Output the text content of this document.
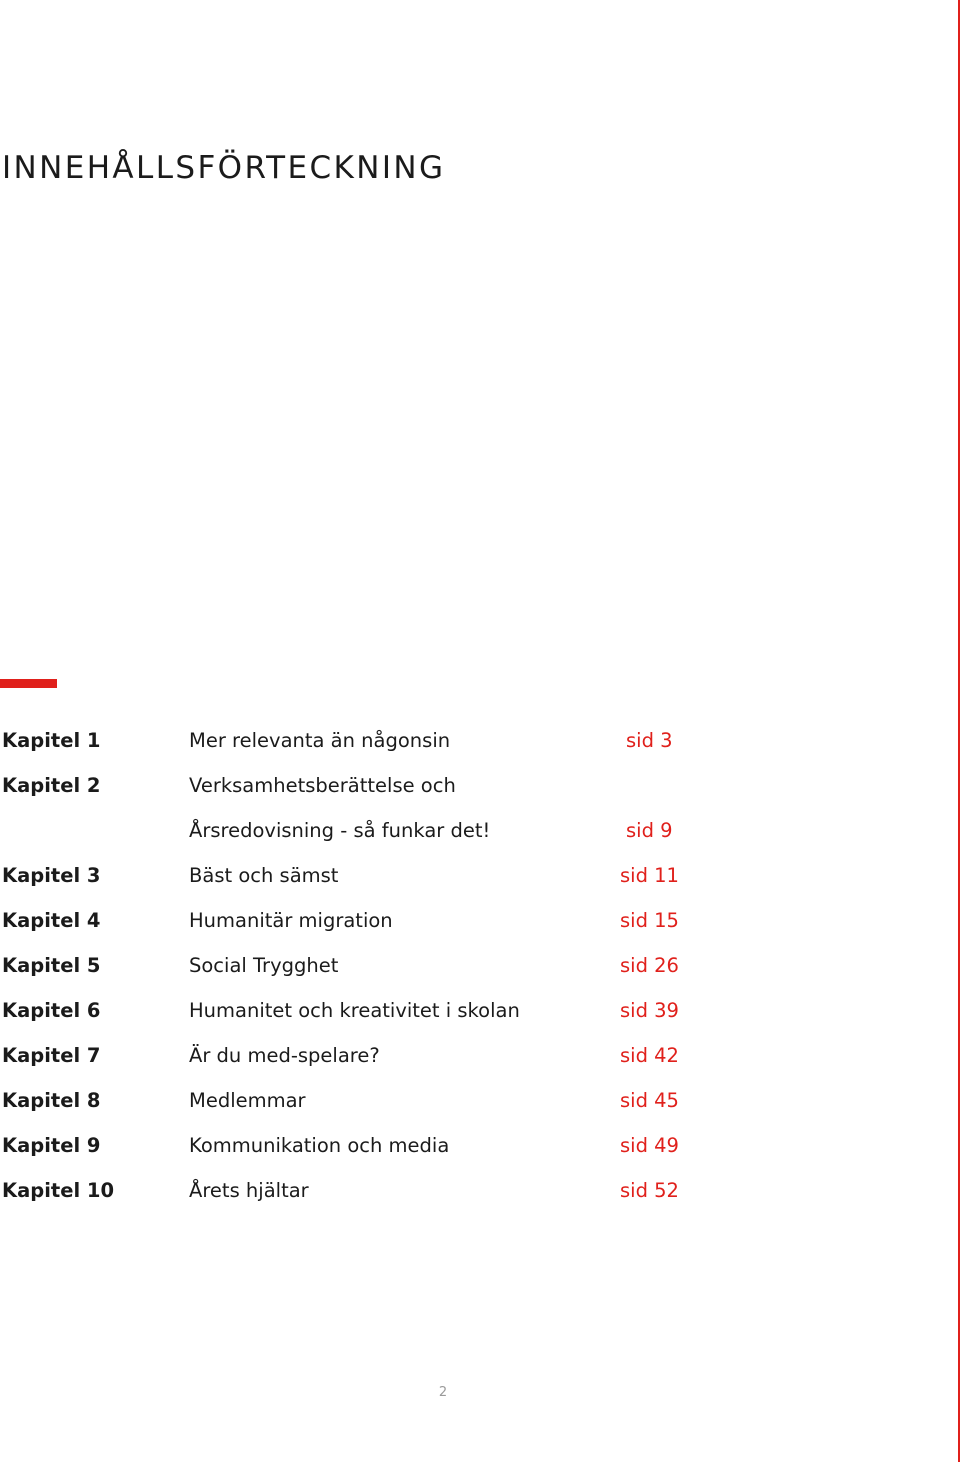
INNEHÅLLSFÖRTECKNING
Kapitel 1	Mer relevanta än någonsin	sid 3
Kapitel 2	Verksamhetsberättelse och
Årsredovisning - så funkar det!	sid 9
Kapitel 3	Bäst och sämst	sid 11
Kapitel 4	Humanitär migration	sid 15
Kapitel 5	Social Trygghet	sid 26
Kapitel 6	Humanitet och kreativitet i skolan	sid 39
Kapitel 7	Är du med-spelare?	sid 42
Kapitel 8	Medlemmar	sid 45
Kapitel 9	Kommunikation och media	sid 49
Kapitel 10	Årets hjältar	sid 52
2
